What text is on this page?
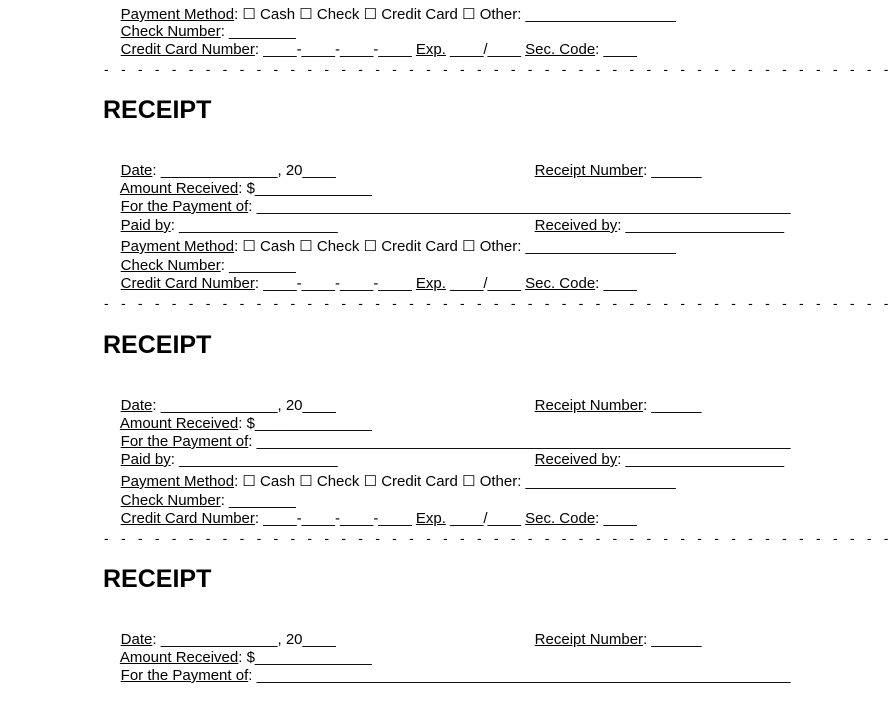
Payment Method: ☐ Cash ☐ Check ☐ Credit Card ☐ Other: __________________

Check Number: ________

Credit Card Number: ____-____-____-____ Exp. ____/____ Sec. Code: ____

- - - - - - - - - - - - - - - - - - - - - - - - - - - - - - - - - - - - - - - - - - - - - - -
RECEIPT

Date: ______________, 20____
	Receipt Number: ______

Amount Received: $______________

For the Payment of: ________________________________________________________________

Paid by: ___________________
	Received by: ___________________

Payment Method: ☐ Cash ☐ Check ☐ Credit Card ☐ Other: __________________

Check Number: ________

Credit Card Number: ____-____-____-____ Exp. ____/____ Sec. Code: ____

- - - - - - - - - - - - - - - - - - - - - - - - - - - - - - - - - - - - - - - - - - - - - - -
RECEIPT

Date: ______________, 20____
	Receipt Number: ______

Amount Received: $______________

For the Payment of: ________________________________________________________________

Paid by: ___________________
	Received by: ___________________

Payment Method: ☐ Cash ☐ Check ☐ Credit Card ☐ Other: __________________

Check Number: ________

Credit Card Number: ____-____-____-____ Exp. ____/____ Sec. Code: ____

- - - - - - - - - - - - - - - - - - - - - - - - - - - - - - - - - - - - - - - - - - - - - - -
RECEIPT

Date: ______________, 20____
	Receipt Number: ______

Amount Received: $______________

For the Payment of: ________________________________________________________________
